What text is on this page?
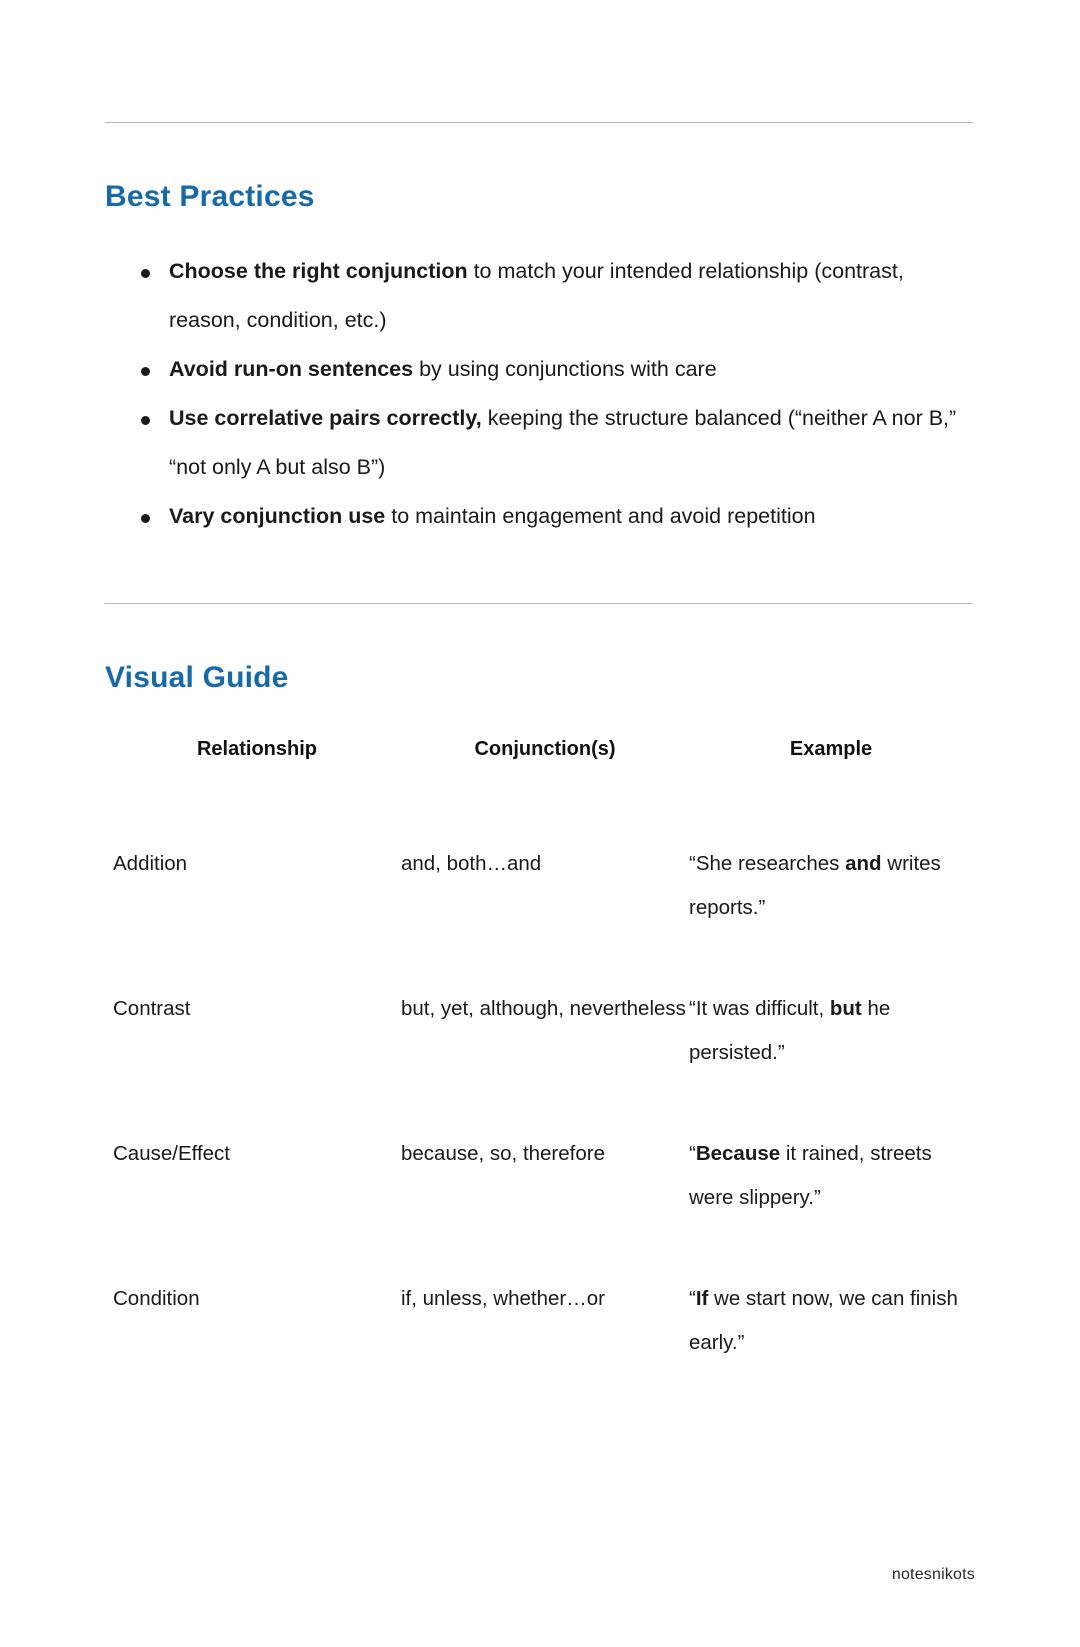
Best Practices
Choose the right conjunction to match your intended relationship (contrast, reason, condition, etc.)
Avoid run-on sentences by using conjunctions with care
Use correlative pairs correctly, keeping the structure balanced (“neither A nor B,” “not only A but also B”)
Vary conjunction use to maintain engagement and avoid repetition
Visual Guide
Relationship	Conjunction(s)	Example
Addition	and, both…and	“She researches and writes reports.”
Contrast	but, yet, although, nevertheless	“It was difficult, but he persisted.”
Cause/Effect	because, so, therefore	“Because it rained, streets were slippery.”
Condition	if, unless, whether…or	“If we start now, we can finish early.”
notesnikots
